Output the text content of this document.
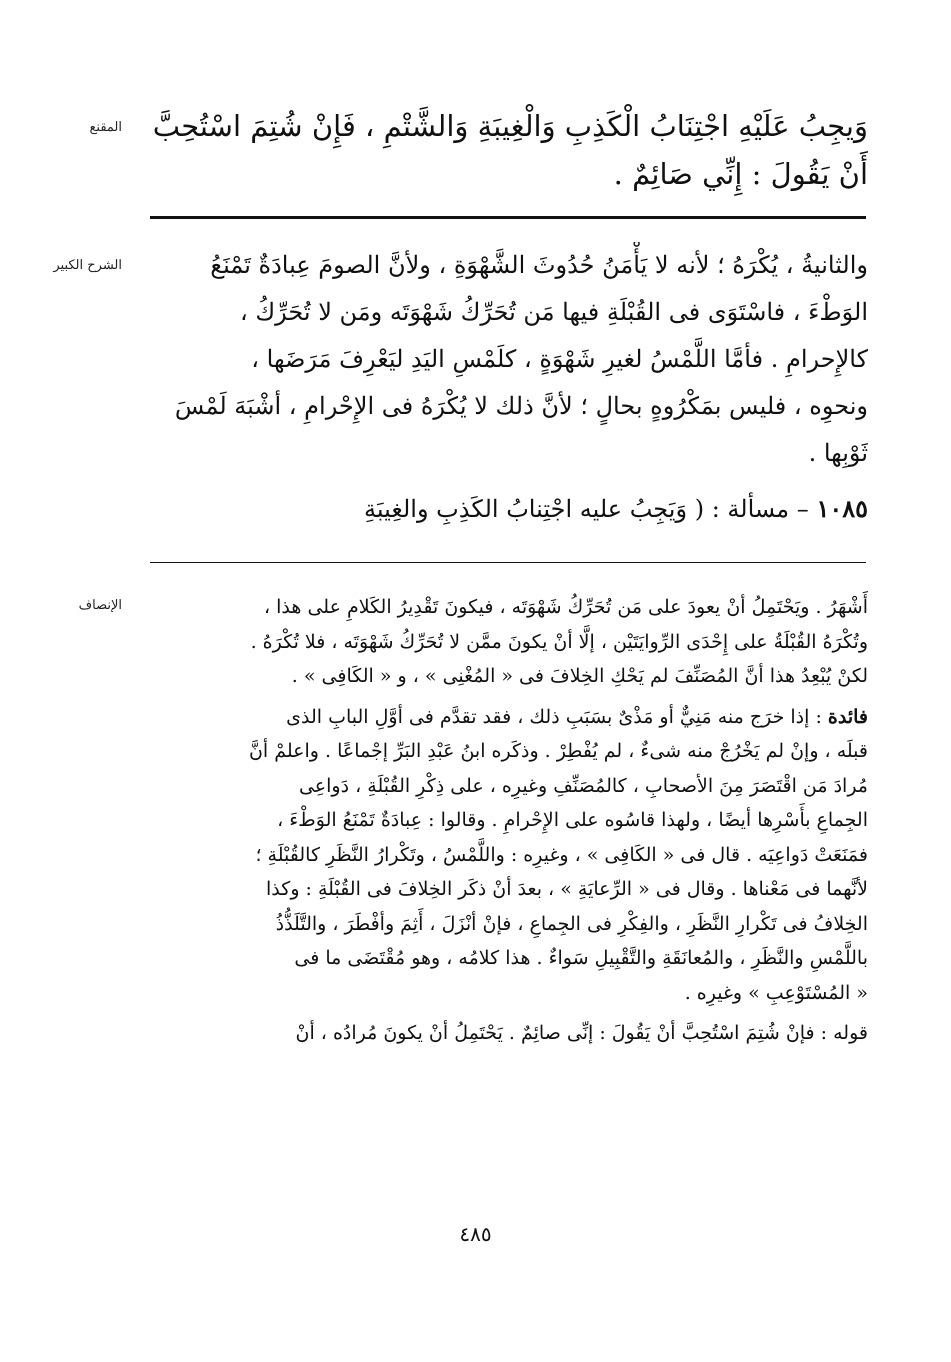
المقنع	وَيجِبُ عَلَيْهِ اجْتِنَابُ الْكَذِبِ وَالْغِيبَةِ وَالشَّتْمِ ، فَإِنْ شُتِمَ اسْتُحِبَّ
أَنْ يَقُولَ : إِنِّي صَائِمٌ .
الشرح الكبير	والثانيةُ ، يُكْرَهُ ؛ لأنه لا يَأْمَنُ حُدُوثَ الشَّهْوَةِ ، ولأنَّ الصومَ عِبادَةٌ تَمْنَعُ
الوَطْءَ ، فاسْتَوَى فى القُبْلَةِ فيها مَن تُحَرِّكُ شَهْوَتَه ومَن لا تُحَرِّكُ ،
كالإِحرامِ . فأمَّا اللَّمْسُ لغيرِ شَهْوَةٍ ، كلَمْسِ اليَدِ ليَعْرِفَ مَرَضَها ،
ونحوِه ، فليس بمَكْرُوهٍ بحالٍ ؛ لأنَّ ذلك لا يُكْرَهُ فى الإِحْرامِ ، أشْبَهَ لَمْسَ
ثَوْبِها .
١٠٨٥ – مسألة : ( وَيَجِبُ عليه اجْتِنابُ الكَذِبِ والغِيبَةِ
الإنصاف	أَشْهَرُ . ويَحْتَمِلُ أنْ يعودَ على مَن تُحَرِّكُ شَهْوَتَه ، فيكونَ تَقْدِيرُ الكَلامِ على هذا ،
وتُكْرَهُ القُبْلَةُ على إِحْدَى الرِّوايَتَيْن ، إلَّا أنْ يكونَ ممَّن لا تُحَرِّكُ شَهْوَتَه ، فلا تُكْرَهُ .
لكنْ يُبْعِدُ هذا أنَّ المُصَنِّفَ لم يَحْكِ الخِلافَ فى « المُغْنِى » ، و « الكَافِى » .
فائدة : إذا خرَج منه مَنِيٌّ أو مَذْىٌ بسَبَبِ ذلك ، فقد تقدَّم فى أوَّلِ البابِ الذى
قبلَه ، وإنْ لم يَخْرُجْ منه شىءٌ ، لم يُفْطِرْ . وذكَره ابنُ عَبْدِ البَرِّ إجْماعًا . واعلمْ أنَّ
مُرادَ مَن اقْتَصَرَ مِنَ الأصحابِ ، كالمُصَنِّفِ وغيرِه ، على ذِكْرِ القُبْلَةِ ، دَواعِى
الجِماعِ بأَسْرِها أيضًا ، ولهذا قاسُوه على الإِحْرامِ . وقالوا : عِبادَةٌ تَمْنَعُ الوَطْءَ ،
فمَنَعَتْ دَواعِيَه . قال فى « الكَافِى » ، وغيرِه : واللَّمْسُ ، وتَكْرارُ النَّظَرِ كالقُبْلَةِ ؛
لأنَّهما فى مَعْناها . وقال فى « الرِّعايَةِ » ، بعدَ أنْ ذكَر الخِلافَ فى القُبْلَةِ : وكذا
الخِلافُ فى تَكْرارِ النَّظَرِ ، والفِكْرِ فى الجِماعِ ، فإنْ أنْزَلَ ، أَثِمَ وأفْطَرَ ، والتَّلَذُّذُ
باللَّمْسِ والنَّظَرِ ، والمُعانَقَةِ والتَّقْبِيلِ سَواءٌ . هذا كلامُه ، وهو مُقْتَضَى ما فى
« المُسْتَوْعِبِ » وغيرِه .
قوله : فإنْ شُتِمَ اسْتُحِبَّ أنْ يَقُولَ : إنِّى صائِمٌ . يَحْتَمِلُ أنْ يكونَ مُرادُه ، أنْ
٤٨٥
